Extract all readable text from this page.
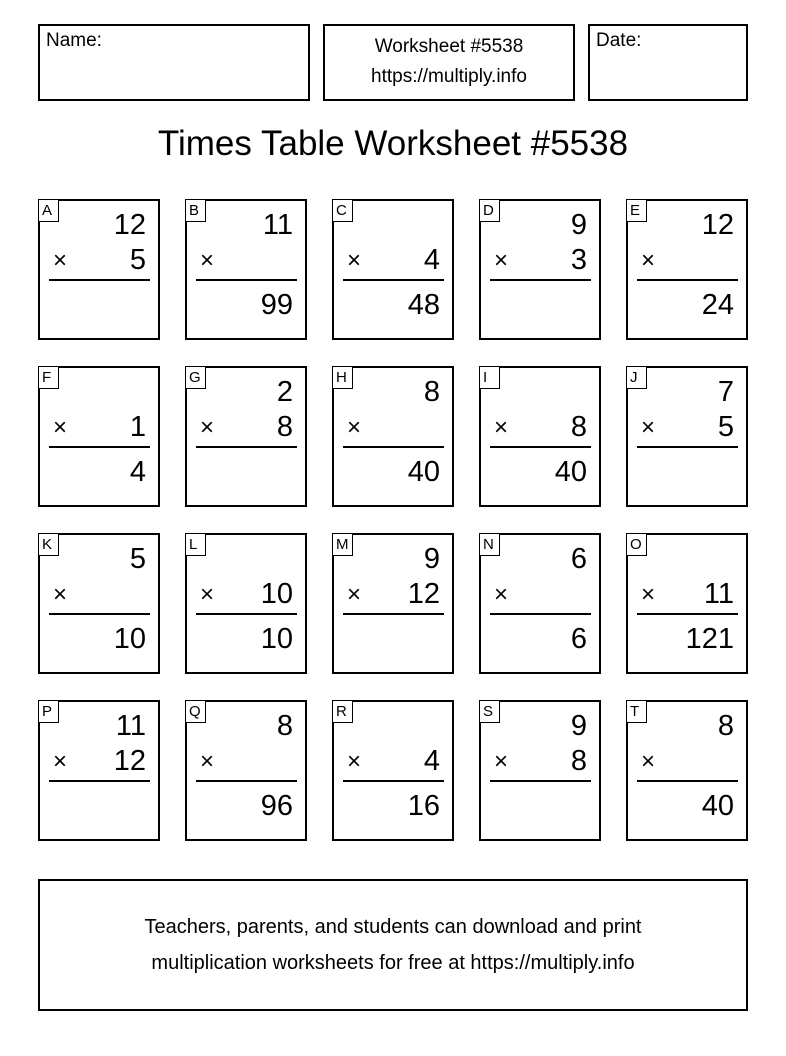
Name:	Worksheet #5538
https://multiply.info
Date:
Times Table Worksheet #5538
A 12
× 5
B 11
×
99
C
× 4
48
D	9
× 3
E 12
×
24
F
× 1
4
G	2
× 8
H	8
×
40
I
× 8
40
J	7
× 5
K	5
×
10
L
× 10
10
M	9
× 12
N	6
×
6
O
× 11
121
P 11
× 12
Q	8
×
96
R
× 4
16
S	9
× 8
T	8
×
40
Teachers, parents, and students can download and print
multiplication worksheets for free at https://multiply.info
